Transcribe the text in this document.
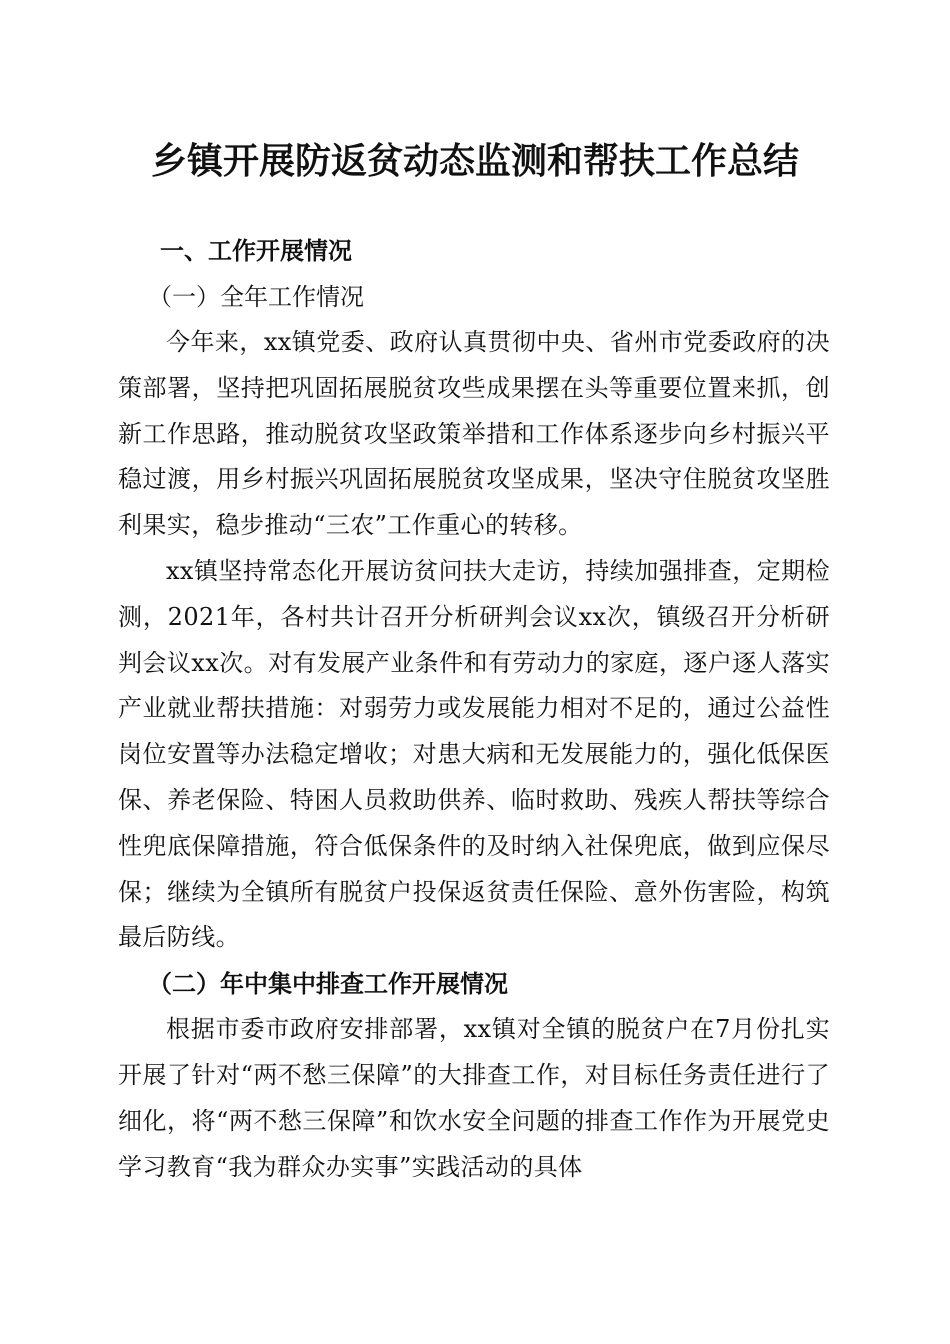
乡镇开展防返贫动态监测和帮扶工作总结

一、工作开展情况

（一）全年工作情况

今年来，xx镇党委、政府认真贯彻中央、省州市党委政府的决策部署，坚持把巩固拓展脱贫攻些成果摆在头等重要位置来抓，创新工作思路，推动脱贫攻坚政策举措和工作体系逐步向乡村振兴平稳过渡，用乡村振兴巩固拓展脱贫攻坚成果，坚决守住脱贫攻坚胜利果实，稳步推动“三农”工作重心的转移。

xx镇坚持常态化开展访贫问扶大走访，持续加强排查，定期检测，2021年，各村共计召开分析研判会议xx次，镇级召开分析研判会议xx次。对有发展产业条件和有劳动力的家庭，逐户逐人落实产业就业帮扶措施：对弱劳力或发展能力相对不足的，通过公益性岗位安置等办法稳定增收；对患大病和无发展能力的，强化低保医保、养老保险、特困人员救助供养、临时救助、残疾人帮扶等综合性兜底保障措施，符合低保条件的及时纳入社保兜底，做到应保尽保；继续为全镇所有脱贫户投保返贫责任保险、意外伤害险，构筑最后防线。

（二）年中集中排查工作开展情况

根据市委市政府安排部署，xx镇对全镇的脱贫户在7月份扎实开展了针对“两不愁三保障”的大排查工作，对目标任务责任进行了细化，将“两不愁三保障”和饮水安全问题的排查工作作为开展党史学习教育“我为群众办实事”实践活动的具体
